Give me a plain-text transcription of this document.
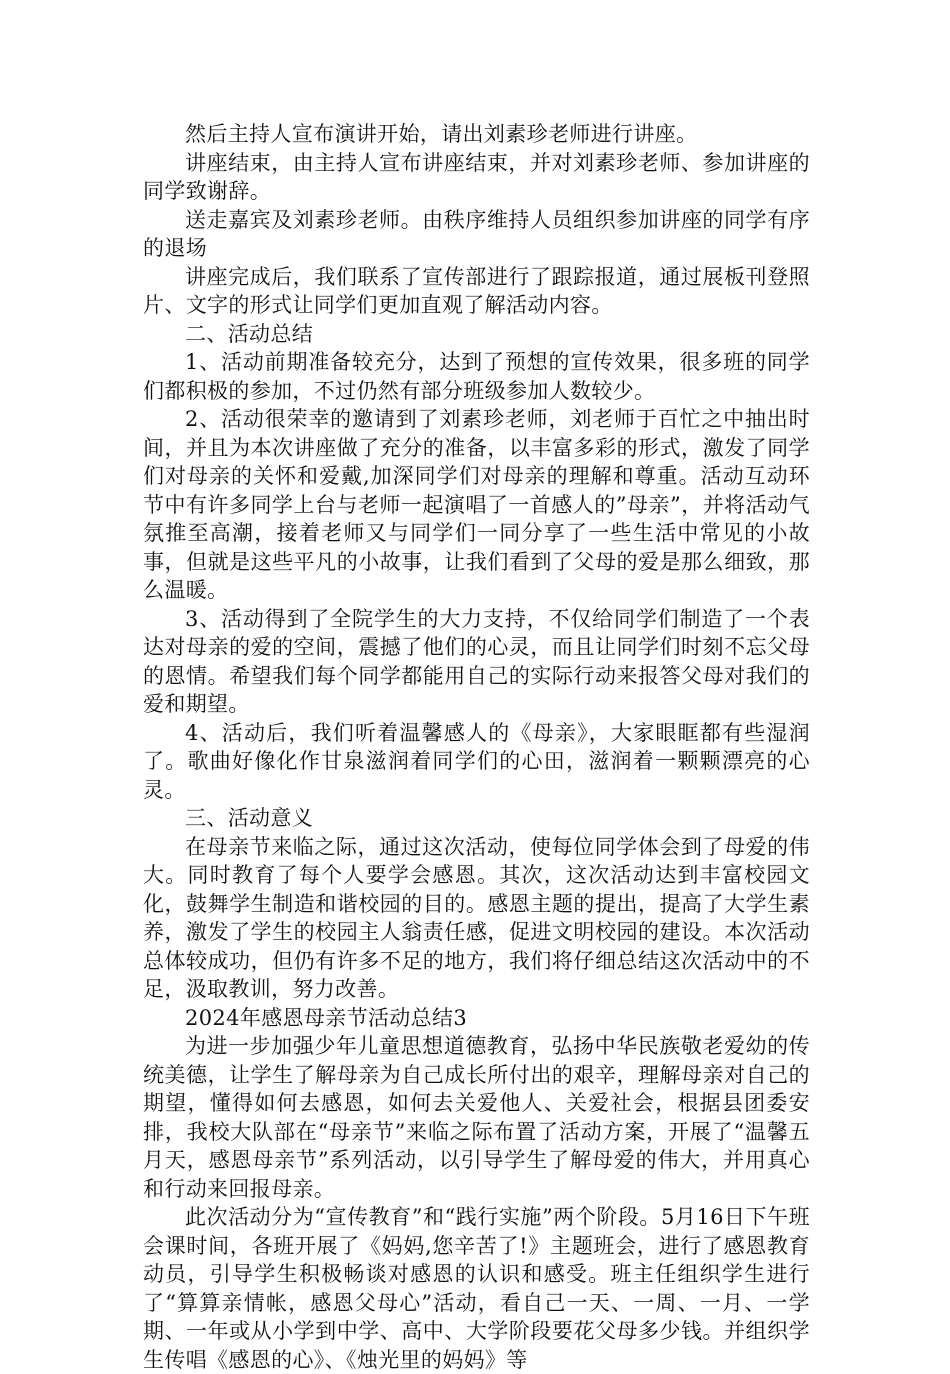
然后主持人宣布演讲开始，请出刘素珍老师进行讲座。

讲座结束，由主持人宣布讲座结束，并对刘素珍老师、参加讲座的同学致谢辞。

送走嘉宾及刘素珍老师。由秩序维持人员组织参加讲座的同学有序的退场

讲座完成后，我们联系了宣传部进行了跟踪报道，通过展板刊登照片、文字的形式让同学们更加直观了解活动内容。

二、活动总结

1、活动前期准备较充分，达到了预想的宣传效果，很多班的同学们都积极的参加，不过仍然有部分班级参加人数较少。

2、活动很荣幸的邀请到了刘素珍老师，刘老师于百忙之中抽出时间，并且为本次讲座做了充分的准备，以丰富多彩的形式，激发了同学们对母亲的关怀和爱戴,加深同学们对母亲的理解和尊重。活动互动环节中有许多同学上台与老师一起演唱了一首感人的”母亲”，并将活动气氛推至高潮，接着老师又与同学们一同分享了一些生活中常见的小故事，但就是这些平凡的小故事，让我们看到了父母的爱是那么细致，那么温暖。

3、活动得到了全院学生的大力支持，不仅给同学们制造了一个表达对母亲的爱的空间，震撼了他们的心灵，而且让同学们时刻不忘父母的恩情。希望我们每个同学都能用自己的实际行动来报答父母对我们的爱和期望。

4、活动后，我们听着温馨感人的《母亲》，大家眼眶都有些湿润了。歌曲好像化作甘泉滋润着同学们的心田，滋润着一颗颗漂亮的心灵。

三、活动意义

在母亲节来临之际，通过这次活动，使每位同学体会到了母爱的伟大。同时教育了每个人要学会感恩。其次，这次活动达到丰富校园文化，鼓舞学生制造和谐校园的目的。感恩主题的提出，提高了大学生素养，激发了学生的校园主人翁责任感，促进文明校园的建设。本次活动总体较成功，但仍有许多不足的地方，我们将仔细总结这次活动中的不足，汲取教训，努力改善。

2024年感恩母亲节活动总结3

为进一步加强少年儿童思想道德教育，弘扬中华民族敬老爱幼的传统美德，让学生了解母亲为自己成长所付出的艰辛，理解母亲对自己的期望，懂得如何去感恩，如何去关爱他人、关爱社会，根据县团委安排，我校大队部在“母亲节”来临之际布置了活动方案，开展了“温馨五月天，感恩母亲节”系列活动，以引导学生了解母爱的伟大，并用真心和行动来回报母亲。

此次活动分为“宣传教育”和“践行实施”两个阶段。5月16日下午班会课时间，各班开展了《妈妈,您辛苦了!》主题班会，进行了感恩教育动员，引导学生积极畅谈对感恩的认识和感受。班主任组织学生进行了“算算亲情帐，感恩父母心”活动，看自己一天、一周、一月、一学期、一年或从小学到中学、高中、大学阶段要花父母多少钱。并组织学生传唱《感恩的心》、《烛光里的妈妈》等
